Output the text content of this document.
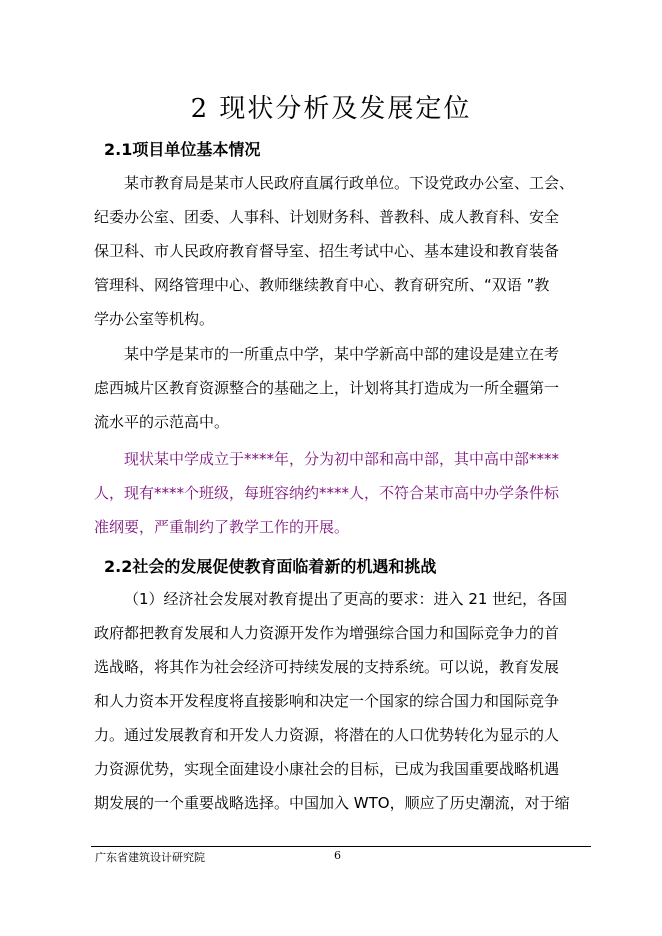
2 现状分析及发展定位
2.1项目单位基本情况
某市教育局是某市人民政府直属行政单位。下设党政办公室、工会、
纪委办公室、团委、人事科、计划财务科、普教科、成人教育科、安全
保卫科、市人民政府教育督导室、招生考试中心、基本建设和教育装备
管理科、网络管理中心、教师继续教育中心、教育研究所、“双语 ”教
学办公室等机构。
某中学是某市的一所重点中学，某中学新高中部的建设是建立在考
虑西城片区教育资源整合的基础之上，计划将其打造成为一所全疆第一
流水平的示范高中。
现状某中学成立于****年，分为初中部和高中部，其中高中部****
人，现有****个班级，每班容纳约****人，不符合某市高中办学条件标
准纲要，严重制约了教学工作的开展。
2.2社会的发展促使教育面临着新的机遇和挑战
（1）经济社会发展对教育提出了更高的要求：进入 21 世纪，各国
政府都把教育发展和人力资源开发作为增强综合国力和国际竞争力的首
选战略，将其作为社会经济可持续发展的支持系统。可以说，教育发展
和人力资本开发程度将直接影响和决定一个国家的综合国力和国际竞争
力。通过发展教育和开发人力资源，将潜在的人口优势转化为显示的人
力资源优势，实现全面建设小康社会的目标，已成为我国重要战略机遇
期发展的一个重要战略选择。中国加入 WTO，顺应了历史潮流，对于缩
广东省建筑设计研究院	6
